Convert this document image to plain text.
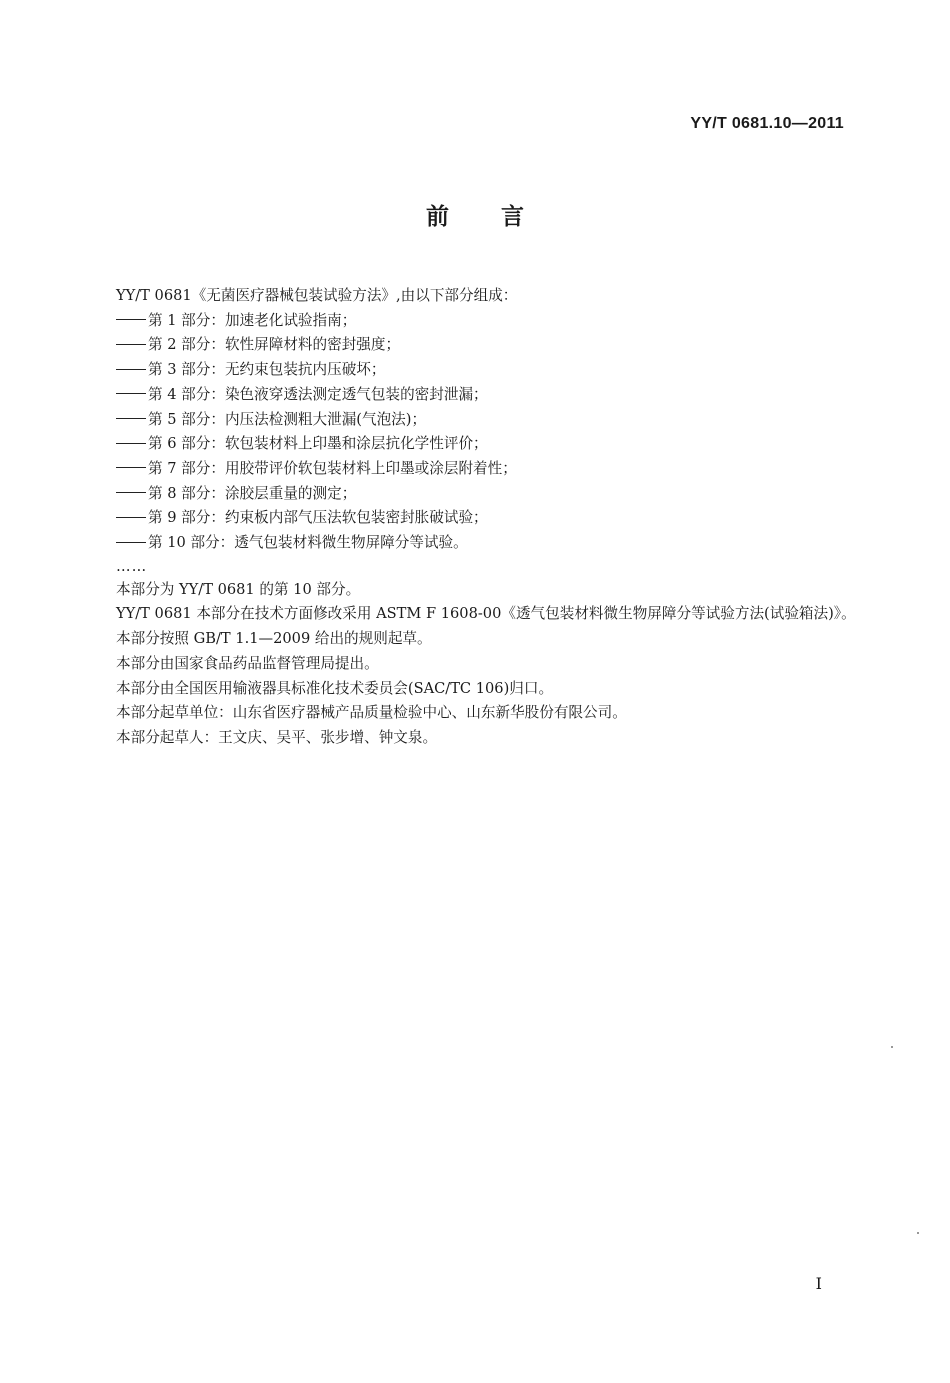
YY/T 0681.10—2011
前言
YY/T 0681《无菌医疗器械包装试验方法》,由以下部分组成：
第 1 部分：加速老化试验指南；
第 2 部分：软性屏障材料的密封强度；
第 3 部分：无约束包装抗内压破坏；
第 4 部分：染色液穿透法测定透气包装的密封泄漏；
第 5 部分：内压法检测粗大泄漏(气泡法)；
第 6 部分：软包装材料上印墨和涂层抗化学性评价；
第 7 部分：用胶带评价软包装材料上印墨或涂层附着性；
第 8 部分：涂胶层重量的测定；
第 9 部分：约束板内部气压法软包装密封胀破试验；
第 10 部分：透气包装材料微生物屏障分等试验。
……
本部分为 YY/T 0681 的第 10 部分。
YY/T 0681 本部分在技术方面修改采用 ASTM F 1608-00《透气包装材料微生物屏障分等试验方法(试验箱法)》。
本部分按照 GB/T 1.1—2009 给出的规则起草。
本部分由国家食品药品监督管理局提出。
本部分由全国医用输液器具标准化技术委员会(SAC/TC 106)归口。
本部分起草单位：山东省医疗器械产品质量检验中心、山东新华股份有限公司。
本部分起草人：王文庆、吴平、张步增、钟文泉。
I
